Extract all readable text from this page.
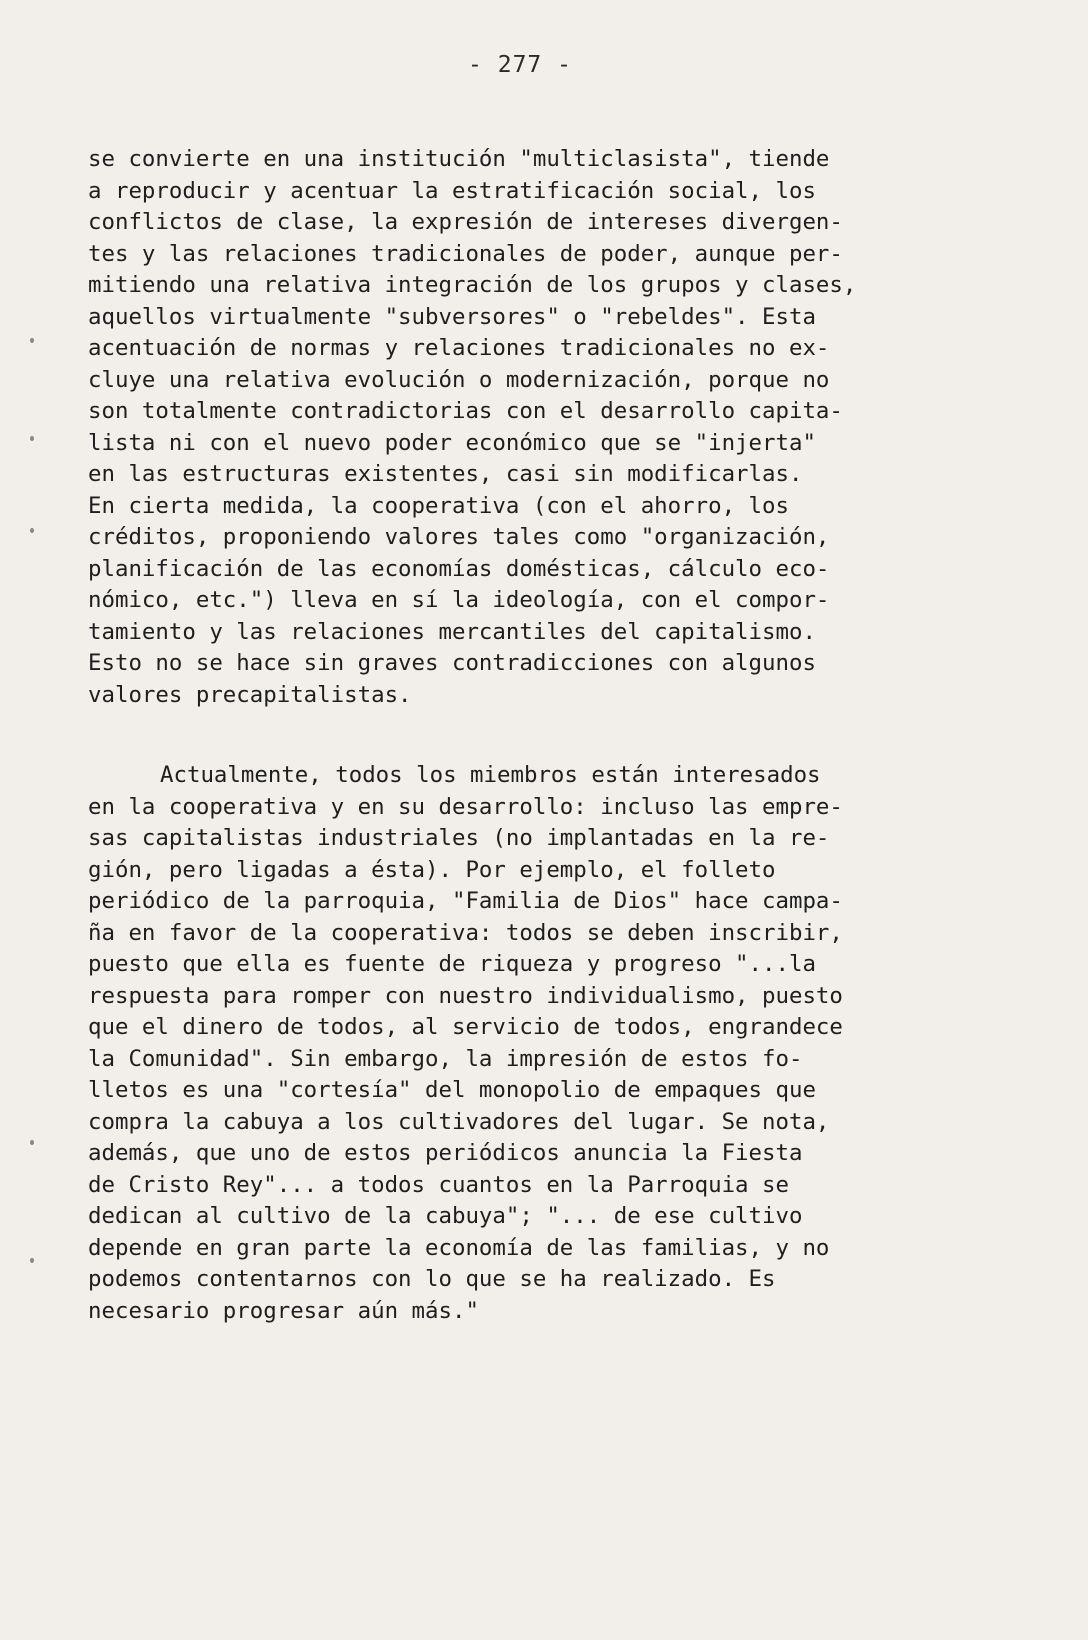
- 277 -
se convierte en una institución "multiclasista", tiende
a reproducir y acentuar la estratificación social, los
conflictos de clase, la expresión de intereses divergen-
tes y las relaciones tradicionales de poder, aunque per-
mitiendo una relativa integración de los grupos y clases,
aquellos virtualmente "subversores" o "rebeldes". Esta
acentuación de normas y relaciones tradicionales no ex-
cluye una relativa evolución o modernización, porque no
son totalmente contradictorias con el desarrollo capita-
lista ni con el nuevo poder económico que se "injerta"
en las estructuras existentes, casi sin modificarlas.
En cierta medida, la cooperativa (con el ahorro, los
créditos, proponiendo valores tales como "organización,
planificación de las economías domésticas, cálculo eco-
nómico, etc.") lleva en sí la ideología, con el compor-
tamiento y las relaciones mercantiles del capitalismo.
Esto no se hace sin graves contradicciones con algunos
valores precapitalistas.
Actualmente, todos los miembros están interesados
en la cooperativa y en su desarrollo: incluso las empre-
sas capitalistas industriales (no implantadas en la re-
gión, pero ligadas a ésta). Por ejemplo, el folleto
periódico de la parroquia, "Familia de Dios" hace campa-
ña en favor de la cooperativa: todos se deben inscribir,
puesto que ella es fuente de riqueza y progreso "...la
respuesta para romper con nuestro individualismo, puesto
que el dinero de todos, al servicio de todos, engrandece
la Comunidad". Sin embargo, la impresión de estos fo-
lletos es una "cortesía" del monopolio de empaques que
compra la cabuya a los cultivadores del lugar. Se nota,
además, que uno de estos periódicos anuncia la Fiesta
de Cristo Rey"... a todos cuantos en la Parroquia se
dedican al cultivo de la cabuya"; "... de ese cultivo
depende en gran parte la economía de las familias, y no
podemos contentarnos con lo que se ha realizado. Es
necesario progresar aún más."
